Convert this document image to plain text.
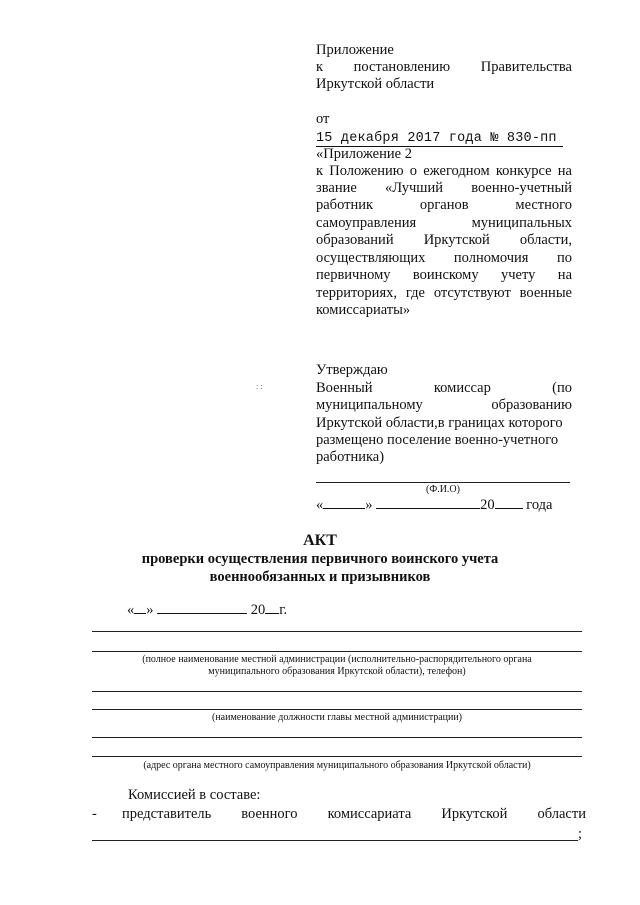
Приложение
к постановлению Правительства
Иркутской области
от15 декабря 2017 года № 830-пп
«Приложение 2
к Положению о ежегодном конкурсе на
звание «Лучший военно-учетный
работник органов местного
самоуправления муниципальных
образований Иркутской области,
осуществляющих полномочия по
первичному воинскому учету на
территориях, где отсутствуют военные
комиссариаты»
: :
Утверждаю
Военный комиссар (по
муниципальному образованию
Иркутской области,в границах которого
размещено поселение военно-учетного
работника)
(Ф.И.О)
«	»	20 года
АКТ
проверки осуществления первичного воинского учета
военнообязанных и призывников
« »	20 г.
(полное наименование местной администрации (исполнительно-распорядительного органа
муниципального образования Иркутской области), телефон)
(наименование должности главы местной администрации)
(адрес органа местного самоуправления муниципального образования Иркутской области)
Комиссией в составе:
- представитель военного комиссариата Иркутской области
;
